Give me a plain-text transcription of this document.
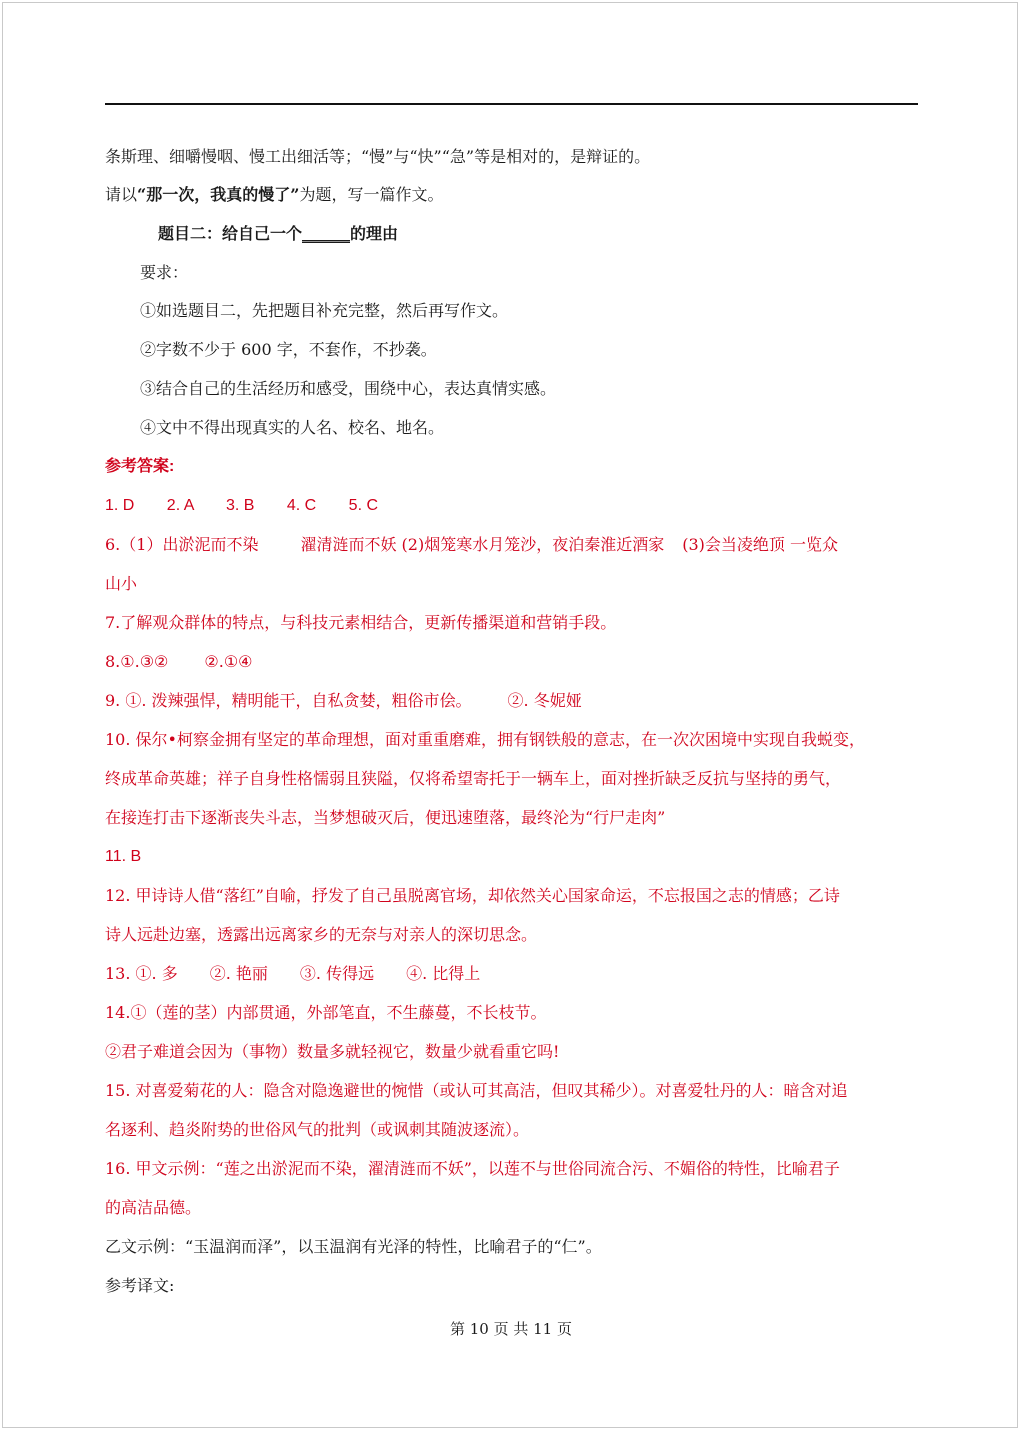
条斯理、细嚼慢咽、慢工出细活等；“慢”与“快”“急”等是相对的，是辩证的。
请以“那一次，我真的慢了”为题，写一篇作文。
题目二：给自己一个______的理由
要求：
①如选题目二，先把题目补充完整，然后再写作文。
②字数不少于 600 字，不套作，不抄袭。
③结合自己的生活经历和感受，围绕中心，表达真情实感。
④文中不得出现真实的人名、校名、地名。
参考答案:
1. D 2. A 3. B 4. C 5. C
6.（1）出淤泥而不染	濯清涟而不妖 (2)烟笼寒水月笼沙，夜泊秦淮近酒家 (3)会当凌绝顶 一览众
山小
7.了解观众群体的特点，与科技元素相结合，更新传播渠道和营销手段。
8.①.③② ②.①④
9. ①. 泼辣强悍，精明能干，自私贪婪，粗俗市侩。 ②. 冬妮娅
10. 保尔•柯察金拥有坚定的革命理想，面对重重磨难，拥有钢铁般的意志，在一次次困境中实现自我蜕变，
终成革命英雄；祥子自身性格懦弱且狭隘，仅将希望寄托于一辆车上，面对挫折缺乏反抗与坚持的勇气，
在接连打击下逐渐丧失斗志，当梦想破灭后，便迅速堕落，最终沦为“行尸走肉”
11. B
12. 甲诗诗人借“落红”自喻，抒发了自己虽脱离官场，却依然关心国家命运，不忘报国之志的情感；乙诗
诗人远赴边塞，透露出远离家乡的无奈与对亲人的深切思念。
13. ①. 多 ②. 艳丽 ③. 传得远 ④. 比得上
14.①（莲的茎）内部贯通，外部笔直，不生藤蔓，不长枝节。
②君子难道会因为（事物）数量多就轻视它，数量少就看重它吗!
15. 对喜爱菊花的人：隐含对隐逸避世的惋惜（或认可其高洁，但叹其稀少）。对喜爱牡丹的人：暗含对追
名逐利、趋炎附势的世俗风气的批判（或讽刺其随波逐流）。
16. 甲文示例：“莲之出淤泥而不染，濯清涟而不妖”，以莲不与世俗同流合污、不媚俗的特性，比喻君子
的高洁品德。
乙文示例：“玉温润而泽”，以玉温润有光泽的特性，比喻君子的“仁”。
参考译文:
第 10 页 共 11 页
